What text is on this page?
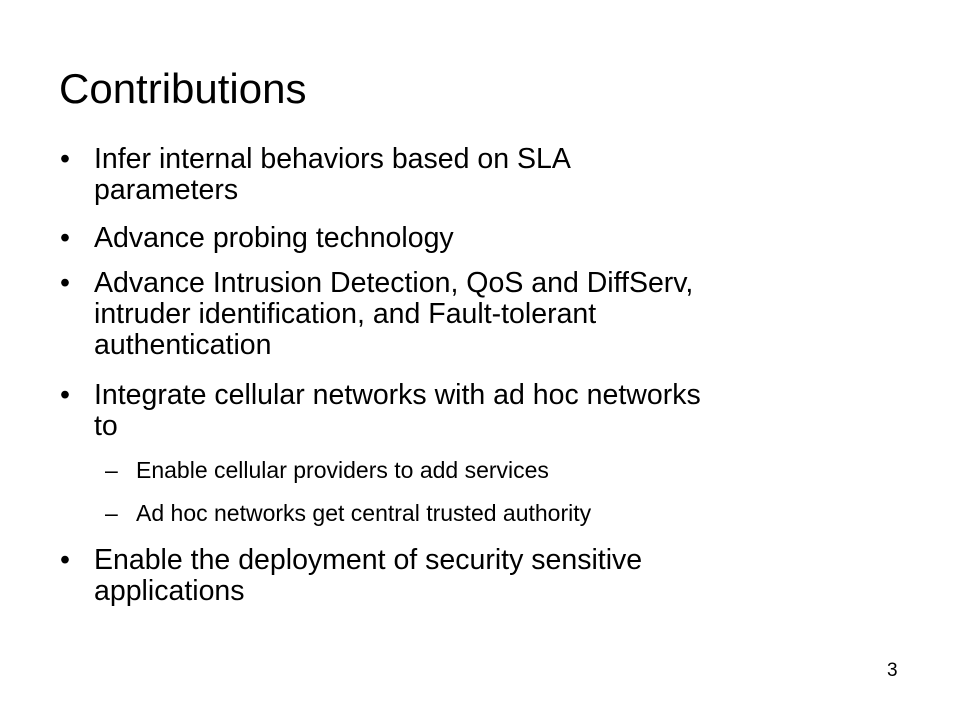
Contributions
• Infer internal behaviors based on SLA
parameters
• Advance probing technology
• Advance Intrusion Detection, QoS and DiffServ,
intruder identification, and Fault-tolerant
authentication
• Integrate cellular networks with ad hoc networks
to
– Enable cellular providers to add services
– Ad hoc networks get central trusted authority
• Enable the deployment of security sensitive
applications
3
